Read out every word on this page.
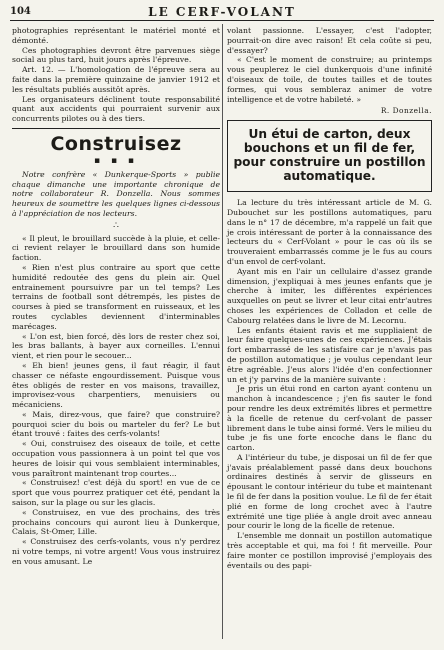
104	LE CERF-VOLANT

photographies représentant le matériel monté et démonté.

Ces photographies devront être parvenues siège social au plus tard, huit jours après l'épreuve.

Art. 12. — L'homologation de l'épreuve sera au faite dans la première quinzaine de janvier 1912 et les résultats publiés aussitôt après.

Les organisateurs déclinent toute responsabilité quant aux accidents qui pourraient survenir aux concurrents pilotes ou à des tiers.

Construisez
▪ ▪ ▪

Notre confrère « Dunkerque-Sports » publie chaque dimanche une importante chronique de notre collaborateur R. Donzella. Nous sommes heureux de soumettre les quelques lignes ci-dessous à l'appréciation de nos lecteurs.

∴

« Il pleut, le brouillard succède à la pluie, et celle-ci revient relayer le brouillard dans son humide faction.

« Rien n'est plus contraire au sport que cette humidité redoutée des gens du plein air. Quel entrainement poursuivre par un tel temps? Les terrains de football sont détrempés, les pistes de courses à pied se transforment en ruisseaux, et les routes cyclables deviennent d'interminables marécages.

« L'on est, bien forcé, dès lors de rester chez soi, les bras ballants, à bayer aux corneilles. L'ennui vient, et rien pour le secouer...

« Eh bien! jeunes gens, il faut réagir, il faut chasser ce néfaste engourdissement. Puisque vous êtes obligés de rester en vos maisons, travaillez, improvisez-vous charpentiers, menuisiers ou mécaniciens.

« Mais, direz-vous, que faire? que construire? pourquoi scier du bois ou marteler du fer? Le but étant trouvé : faites des cerfs-volants!

« Oui, construisez des oiseaux de toile, et cette occupation vous passionnera à un point tel que vos heures de loisir qui vous semblaient interminables, vous paraîtront maintenant trop courtes...

« Construisez! c'est déjà du sport! en vue de ce sport que vous pourrez pratiquer cet été, pendant la saison, sur la plage ou sur les glacis.

« Construisez, en vue des prochains, des très prochains concours qui auront lieu à Dunkerque, Calais, St-Omer, Lille.

« Construisez des cerfs-volants, vous n'y perdrez ni votre temps, ni votre argent! Vous vous instruirez en vous amusant. Le

volant passionne. L'essayer, c'est l'adopter, pourrait-on dire avec raison! Et cela coûte si peu, d'essayer?

« C'est le moment de construire; au printemps vous peuplerez le ciel dunkerquois d'une infinité d'oiseaux de toile, de toutes tailles et de toutes formes, qui vous sembleraz animer de votre intelligence et de votre habileté. »

R. Donzella.
Un étui de carton, deux bouchons et un fil de fer, pour construire un postillon automatique.

La lecture du très intéressant article de M. G. Dubouchet sur les postillons automatiques, paru dans le n° 17 de décembre, m'a rappelé un fait que je crois intéressant de porter à la connaissance des lecteurs du « Cerf-Volant » pour le cas où ils se trouveraient embarrassés comme je le fus au cours d'un envol de cerf-volant.

Ayant mis en l'air un cellulaire d'assez grande dimension, j'expliquai à mes jeunes enfants que je cherche à imiter, les différentes expériences auxquelles on peut se livrer et leur citai entr'autres choses les expériences de Colladon et celle de Cabourg relatées dans le livre de M. Lecornu.

Les enfants étaient ravis et me suppliaient de leur faire quelques-unes de ces expériences. J'étais fort embarrassé de les satisfaire car je n'avais pas de postillon automatique ; je voulus cependant leur être agréable. J'eus alors l'idée d'en confectionner un et j'y parvins de la manière suivante :

Je pris un étui rond en carton ayant contenu un manchon à incandescence ; j'en fis sauter le fond pour rendre les deux extrémités libres et permettre à la ficelle de retenue du cerf-volant de passer librement dans le tube ainsi formé. Vers le milieu du tube je fis une forte encoche dans le flanc du carton.

A l'intérieur du tube, je disposai un fil de fer que j'avais préalablement passé dans deux bouchons ordinaires destinés à servir de glisseurs en épousant le contour intérieur du tube et maintenant le fil de fer dans la position voulue. Le fil de fer était plié en forme de long crochet avec à l'autre extrémité une tige pliée à angle droit avec anneau pour courir le long de la ficelle de retenue.

L'ensemble me donnait un postillon automatique très acceptable et qui, ma foi ! fit merveille. Pour faire monter ce postillon improvisé j'employais des éventails ou des papi-
